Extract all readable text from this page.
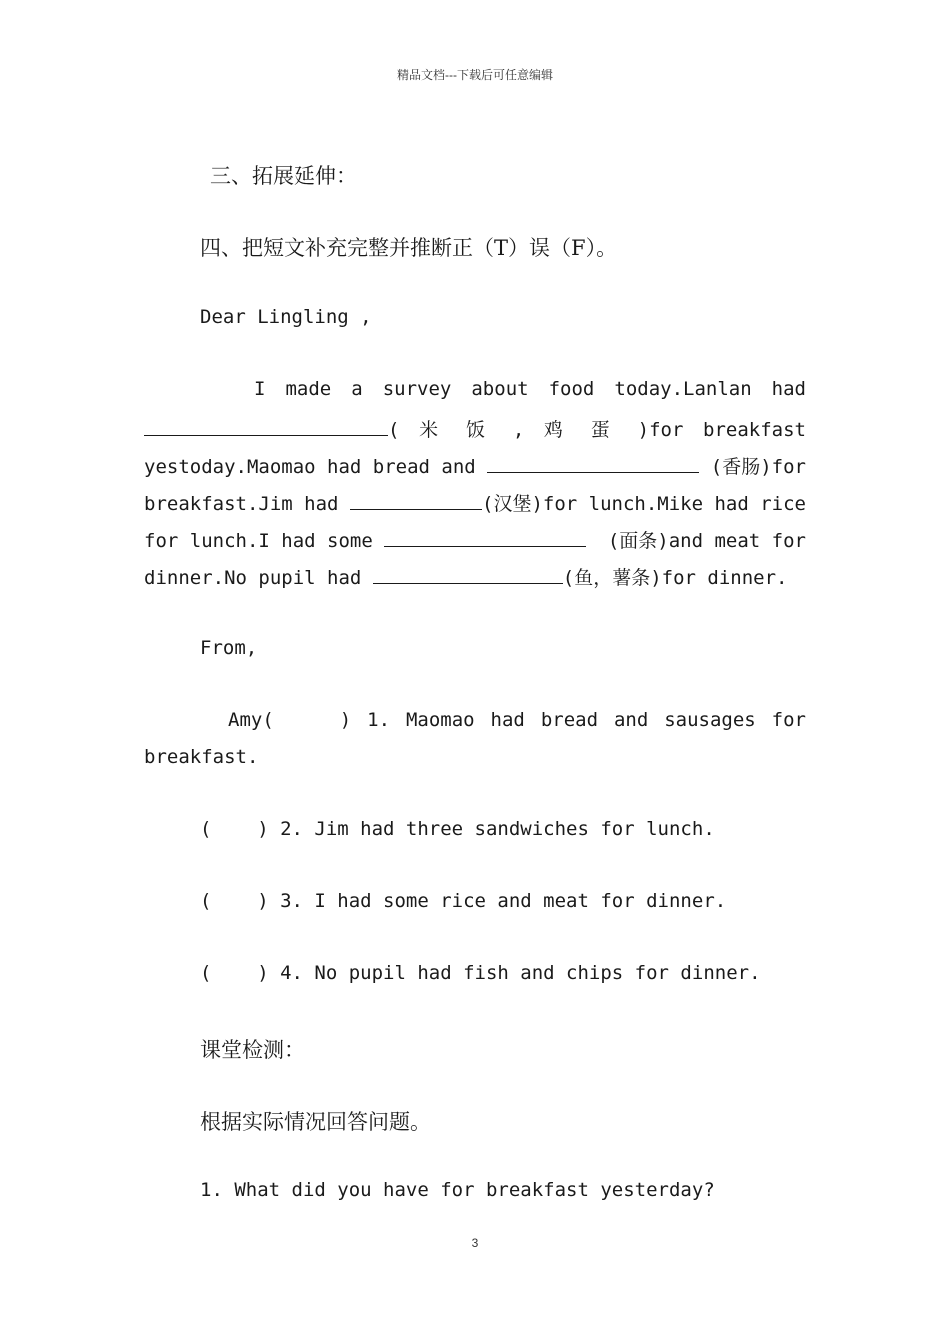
精品文档---下载后可任意编辑
三、拓展延伸：
四、把短文补充完整并推断正（T）误（F）。
Dear Lingling ,
I made a survey about food today.Lanlan had
( 米 饭 , 鸡 蛋 )for breakfast
yestoday.Maomao had bread and	(香肠)for
breakfast.Jim had	(汉堡)for lunch.Mike had rice
for lunch.I had some	(面条)and meat for
dinner.No pupil had	(鱼，薯条)for dinner.
From,
Amy(	) 1. Maomao had bread and sausages for
breakfast.
(    ) 2. Jim had three sandwiches for lunch.
(    ) 3. I had some rice and meat for dinner.
(    ) 4. No pupil had fish and chips for dinner.
课堂检测：
根据实际情况回答问题。
1. What did you have for breakfast yesterday?
3
